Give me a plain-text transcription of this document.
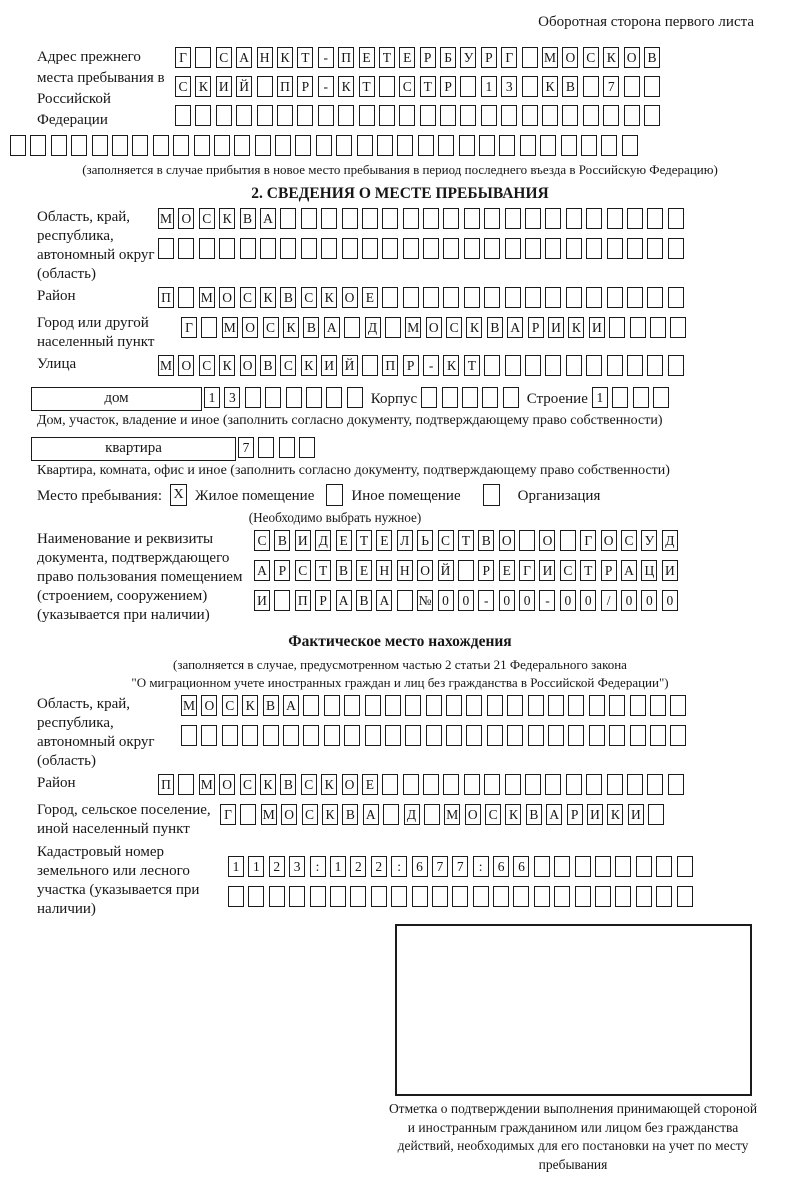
Оборотная сторона первого листа
Адрес прежнего места пребывания в Российской Федерации
Г	С А Н К Т	- П Е Т Е Р Б У Р Г	М О С К О В
С К И Й П Р	-	К Т С Т Р	1	3	К В	7
(заполняется в случае прибытия в новое место пребывания в период последнего въезда в Российскую Федерацию)
2. СВЕДЕНИЯ О МЕСТЕ ПРЕБЫВАНИЯ
Область, край, республика, автономный округ (область)
М О С К В А
Район	П М О С К В С К О Е
Город или другой населенный пункт
Г	М О С К В А Д М О С К В А Р И К И
Улица	М О С К О В С К И Й П Р	-	К Т
дом	1	3	Корпус	Строение 1
Дом, участок, владение и иное (заполнить согласно документу, подтверждающему право собственности)
квартира	7
Квартира, комната, офис и иное (заполнить согласно документу, подтверждающему право собственности)
Место пребывания: X Жилое помещение Иное помещение	Организация
(Необходимо выбрать нужное)
Наименование и реквизиты документа, подтверждающего право пользования помещением (строением, сооружением) (указывается при наличии)
С В И Д Е Т Е Л Ь С Т В О О	Г О С У Д
А Р С Т В Е Н Н О Й	Р Е Г И С Т Р А Ц И
И П Р А В А № 0	0	-	0	0	-	0	0	/	0	0	0
Фактическое место нахождения
(заполняется в случае, предусмотренном частью 2 статьи 21 Федерального закона
"О миграционном учете иностранных граждан и лиц без гражданства в Российской Федерации")
Область, край, республика, автономный округ (область)
М О С К В А
Район	П М О С К В С К О Е
Город, сельское поселение, иной населенный пункт
Г	М О С К В А Д М О С К В А Р И К И
Кадастровый номер земельного или лесного участка (указывается при наличии)
1	1	2	3	:	1	2	2	:	6	7	7	:	6	6
Отметка о подтверждении выполнения принимающей стороной и иностранным гражданином или лицом без гражданства действий, необходимых для его постановки на учет по месту пребывания
